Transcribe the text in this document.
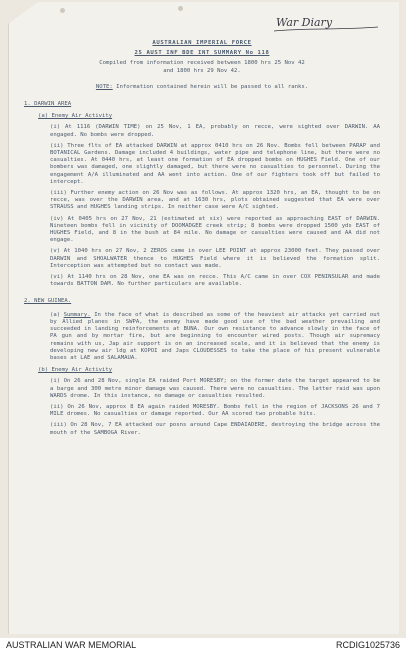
War Diary
AUSTRALIAN IMPERIAL FORCE
25 AUST INF BDE INT SUMMARY No 118
Compiled from information received between 1800 hrs 25 Nov 42
and 1800 hrs 29 Nov 42.
NOTE: Information contained herein will be passed to all ranks.
1. DARWIN AREA
(a) Enemy Air Activity

(i) At 1116 (DARWIN TIME) on 25 Nov, 1 EA, probably on recce, were sighted over DARWIN. AA engaged. No bombs were dropped.

(ii) Three flts of EA attacked DARWIN at approx 0410 hrs on 26 Nov. Bombs fell between PARAP and BOTANICAL Gardens. Damage included 4 buildings, water pipe and telephone line, but there were no casualties. At 0440 hrs, at least one formation of EA dropped bombs on HUGHES Field. One of our bombers was damaged, one slightly damaged, but there were no casualties to personnel. During the engagement A/A illuminated and AA went into action. One of our fighters took off but failed to intercept.

(iii) Further enemy action on 26 Nov was as follows. At approx 1320 hrs, an EA, thought to be on recce, was over the DARWIN area, and at 1630 hrs, plots obtained suggested that EA were over STRAUSS and HUGHES landing strips. In neither case were A/C sighted.

(iv) At 0405 hrs on 27 Nov, 21 (estimated at six) were reported as approaching EAST of DARWIN. Nineteen bombs fell in vicinity of DOOMADGEE creek strip; 8 bombs were dropped 1500 yds EAST of HUGHES Field, and 8 in the bush at 84 mile. No damage or casualties were caused and AA did not engage.

(v) At 1040 hrs on 27 Nov, 2 ZEROS came in over LEE POINT at approx 23000 feet. They passed over DARWIN and SHOALWATER thence to HUGHES Field where it is believed the formation split. Interception was attempted but no contact was made.

(vi) At 1140 hrs on 28 Nov, one EA was on recce. This A/C came in over COX PENINSULAR and made towards BATTON DAM. No further particulars are available.

2. NEW GUINEA.

(a) Summary. In the face of what is described as some of the heaviest air attacks yet carried out by Allied planes in SWPA, the enemy have made good use of the bad weather prevailing and succeeded in landing reinforcements at BUNA. Our own resistance to advance slowly in the face of PA gun and by mortar fire, but are beginning to encounter wired posts. Though air supremacy remains with us, Jap air support is on an increased scale, and it is believed that the enemy is developing new air ldg at KOPOI and Japs CLOUDESSES to take the place of his present vulnerable bases at LAE and SALAMAUA.

(b) Enemy Air Activity

(i) On 26 and 28 Nov, single EA raided Port MORESBY; on the former date the target appeared to be a barge and 300 metre minor damage was caused. There were no casualties. The latter raid was upon WARDS drome. In this instance, no damage or casualties resulted.

(ii) On 26 Nov, approx 8 EA again raided MORESBY. Bombs fell in the region of JACKSONS 26 and 7 MILE dromes. No casualties or damage reported. Our AA scored two probable hits.

(iii) On 28 Nov, 7 EA attacked our posns around Cape ENDAIADERE, destroying the bridge across the mouth of the SAMBOGA River.

AUSTRALIAN WAR MEMORIAL	RCDIG1025736
